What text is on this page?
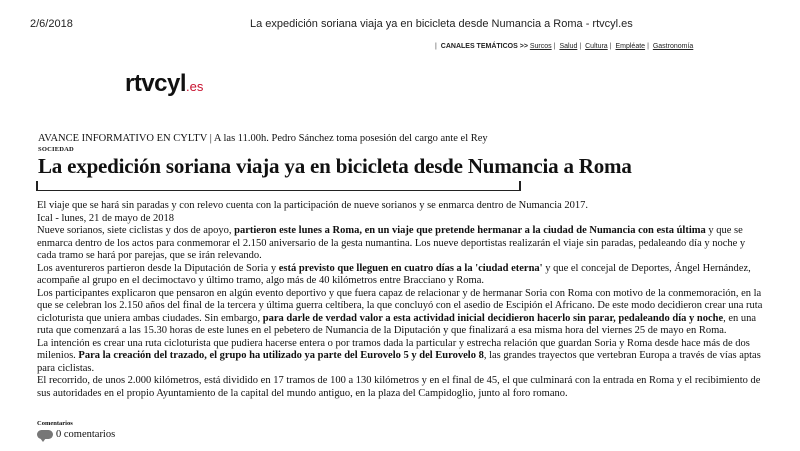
2/6/2018	La expedición soriana viaja ya en bicicleta desde Numancia a Roma - rtvcyl.es
| CANALES TEMÁTICOS >> Surcos | Salud | Cultura | Empléate | Gastronomía
rtvcyl.es
AVANCE INFORMATIVO EN CYLTV | A las 11.00h. Pedro Sánchez toma posesión del cargo ante el Rey
SOCIEDAD
La expedición soriana viaja ya en bicicleta desde Numancia a Roma
El viaje que se hará sin paradas y con relevo cuenta con la participación de nueve sorianos y se enmarca dentro de Numancia 2017.
Ical - lunes, 21 de mayo de 2018

Nueve sorianos, siete ciclistas y dos de apoyo, partieron este lunes a Roma, en un viaje que pretende hermanar a la ciudad de Numancia con esta última y que se enmarca dentro de los actos para conmemorar el 2.150 aniversario de la gesta numantina. Los nueve deportistas realizarán el viaje sin paradas, pedaleando día y noche y cada tramo se hará por parejas, que se irán relevando.

Los aventureros partieron desde la Diputación de Soria y está previsto que lleguen en cuatro días a la 'ciudad eterna' y que el concejal de Deportes, Ángel Hernández, acompañe al grupo en el decimoctavo y último tramo, algo más de 40 kilómetros entre Bracciano y Roma.

Los participantes explicaron que pensaron en algún evento deportivo y que fuera capaz de relacionar y de hermanar Soria con Roma con motivo de la conmemoración, en la que se celebran los 2.150 años del final de la tercera y última guerra celtíbera, la que concluyó con el asedio de Escipión el Africano. De este modo decidieron crear una ruta cicloturista que uniera ambas ciudades. Sin embargo, para darle de verdad valor a esta actividad inicial decidieron hacerlo sin parar, pedaleando día y noche, en una ruta que comenzará a las 15.30 horas de este lunes en el pebetero de Numancia de la Diputación y que finalizará a esa misma hora del viernes 25 de mayo en Roma.

La intención es crear una ruta cicloturista que pudiera hacerse entera o por tramos dada la particular y estrecha relación que guardan Soria y Roma desde hace más de dos milenios. Para la creación del trazado, el grupo ha utilizado ya parte del Eurovelo 5 y del Eurovelo 8, las grandes trayectos que vertebran Europa a través de vías aptas para ciclistas.

El recorrido, de unos 2.000 kilómetros, está dividido en 17 tramos de 100 a 130 kilómetros y en el final de 45, el que culminará con la entrada en Roma y el recibimiento de sus autoridades en el propio Ayuntamiento de la capital del mundo antiguo, en la plaza del Campidoglio, junto al foro romano.

Comentarios
0 comentarios
